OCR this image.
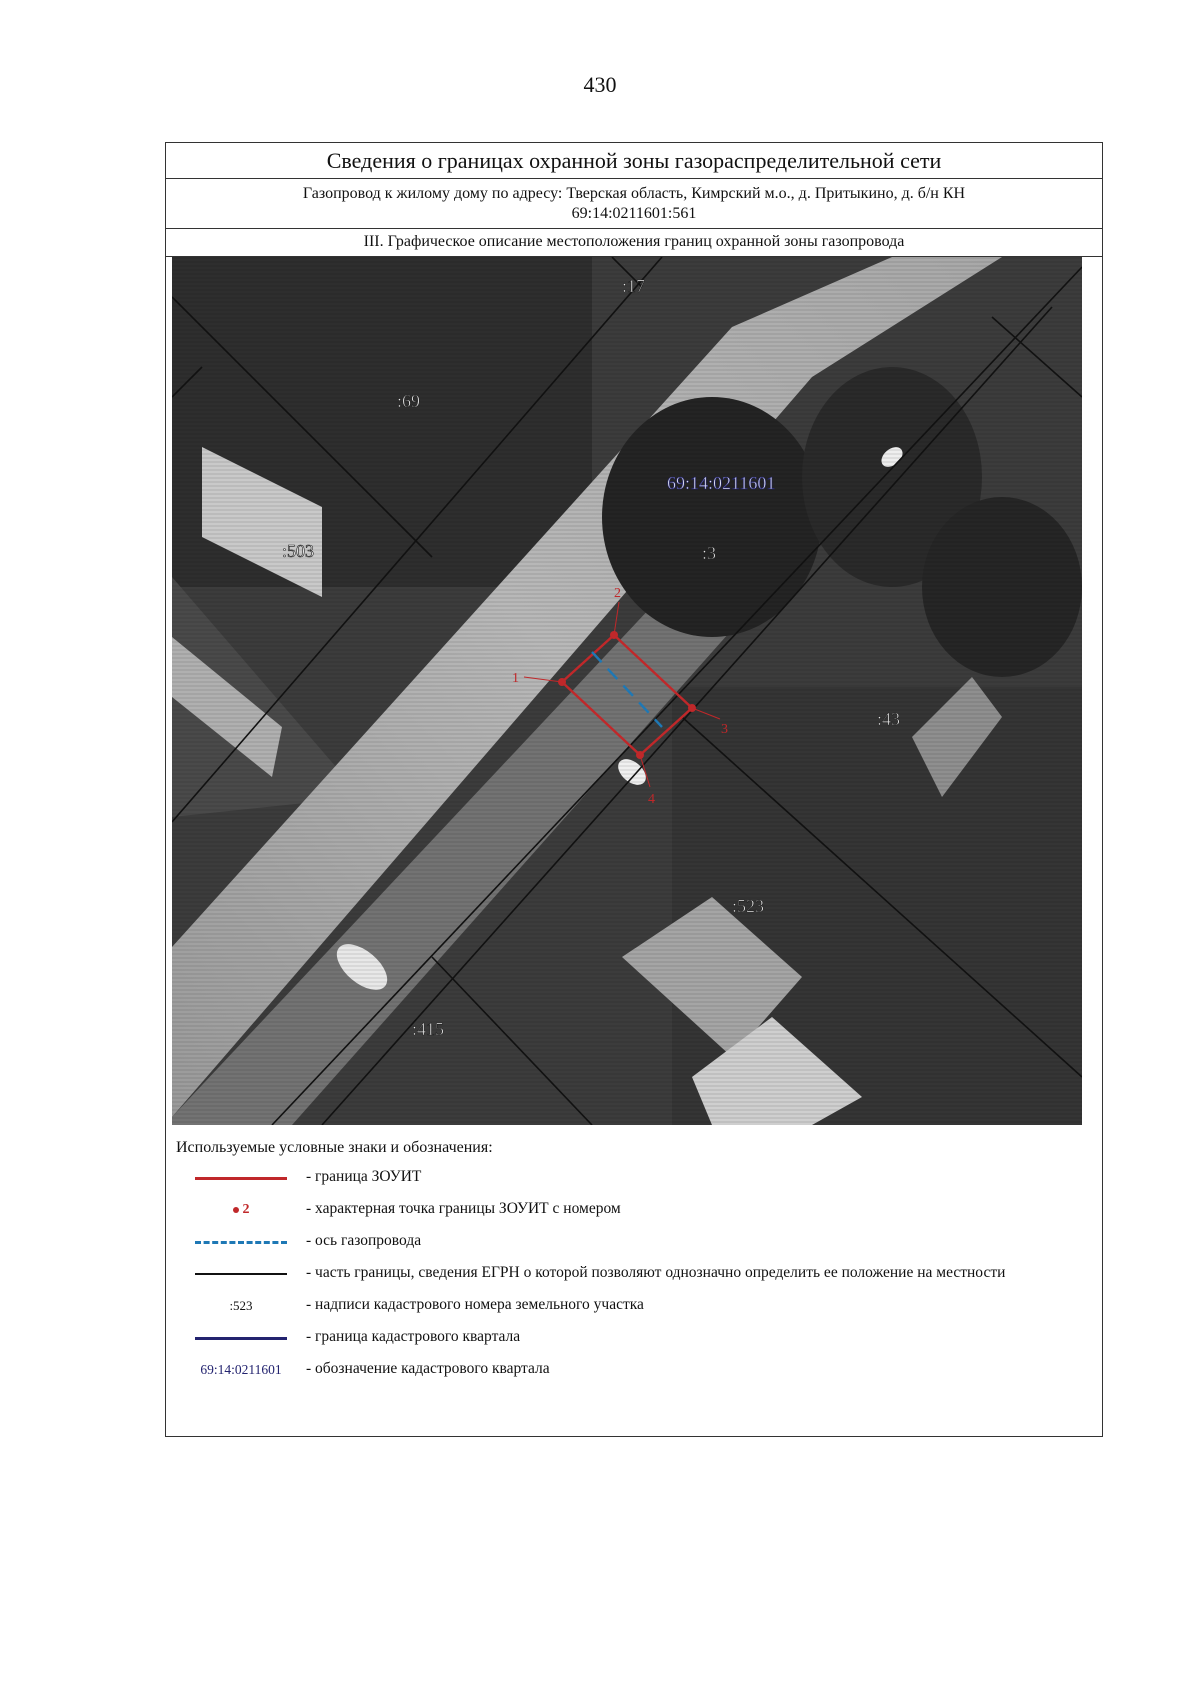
430
Сведения о границах охранной зоны газораспределительной сети
Газопровод к жилому дому по адресу: Тверская область, Кимрский м.о., д. Притыкино, д. б/н КН
69:14:0211601:561
III. Графическое описание местоположения границ охранной зоны газопровода
1
2
3
4
:17
:69
:503	:3
:43
:523
:415
69:14:0211601
Используемые условные знаки и обозначения:
- граница ЗОУИТ
2	- характерная точка границы ЗОУИТ с номером
- ось газопровода
- часть границы, сведения ЕГРН о которой позволяют однозначно определить ее положение на местности
:523	- надписи кадастрового номера земельного участка
- граница кадастрового квартала
69:14:0211601 - обозначение кадастрового квартала
